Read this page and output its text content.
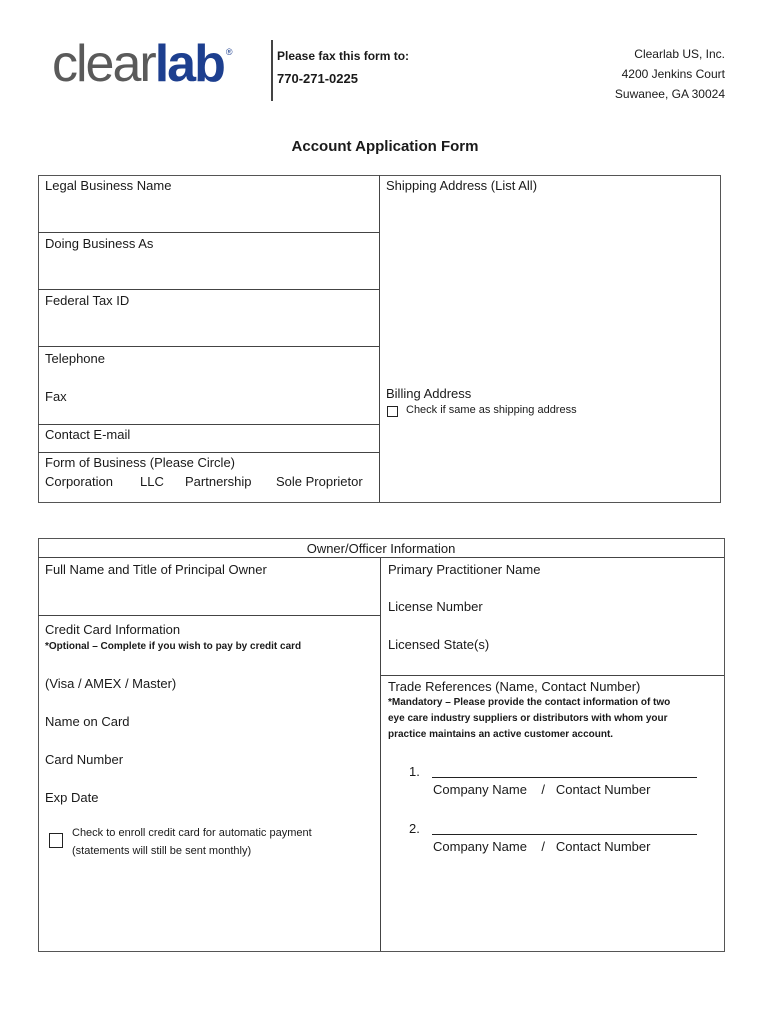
clearlab ®	Please fax this form to:
770-271-0225
Clearlab US, Inc.
4200 Jenkins Court
Suwanee, GA 30024
Account Application Form
Legal Business Name
Doing Business As
Federal Tax ID
Telephone
Fax
Contact E-mail
Form of Business (Please Circle)
Corporation LLC Partnership Sole Proprietor
Shipping Address (List All)
Billing Address
Check if same as shipping address
Owner/Officer Information
Full Name and Title of Principal Owner
Credit Card Information
*Optional – Complete if you wish to pay by credit card
(Visa / AMEX / Master)
Name on Card
Card Number
Exp Date
Check to enroll credit card for automatic payment
(statements will still be sent monthly)
Primary Practitioner Name
License Number
Licensed State(s)
Trade References (Name, Contact Number)
*Mandatory – Please provide the contact information of two
eye care industry suppliers or distributors with whom your
practice maintains an active customer account.
1.
Company Name    /   Contact Number
2.
Company Name    /   Contact Number
